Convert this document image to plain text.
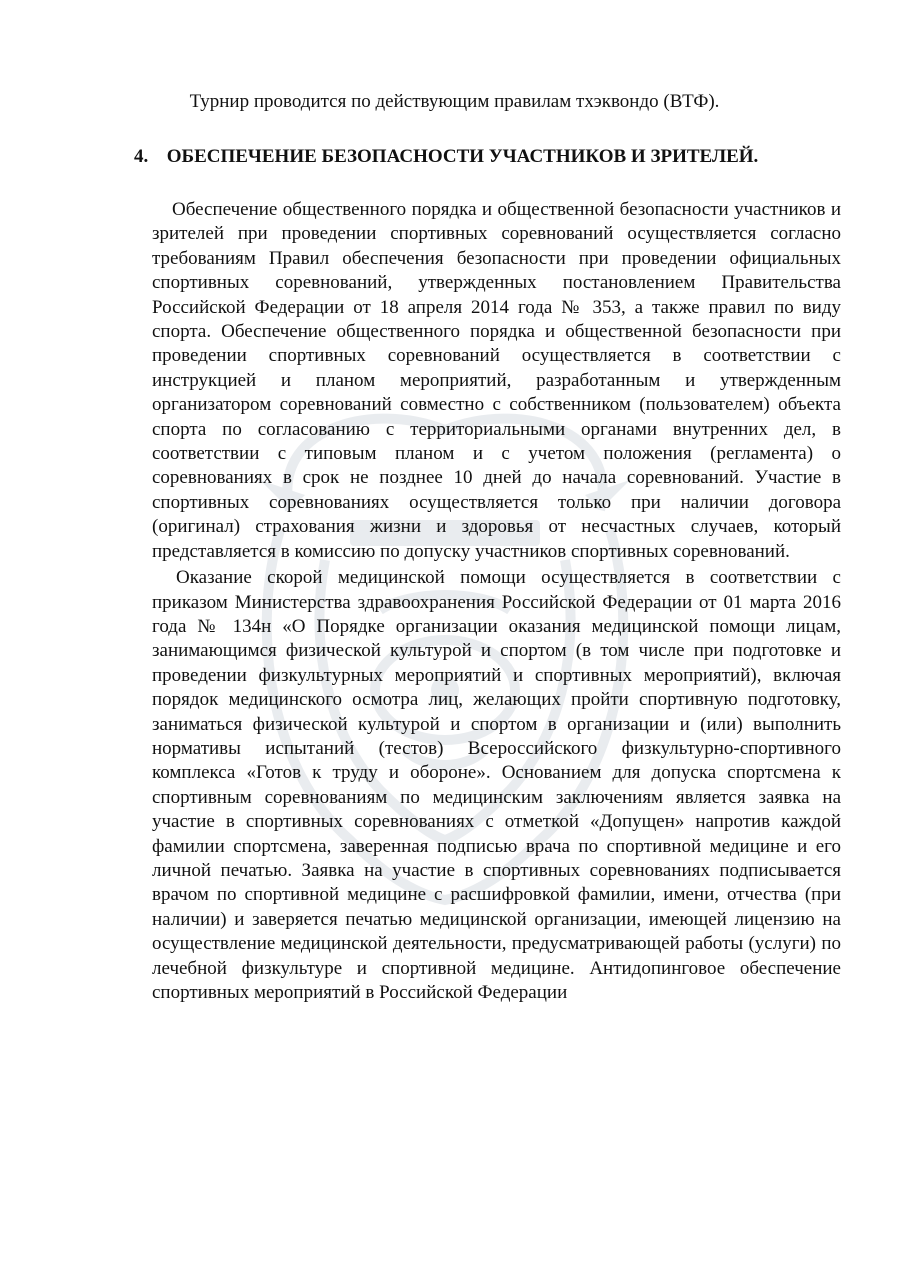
Турнир проводится по действующим правилам тхэквондо (ВТФ).

4. ОБЕСПЕЧЕНИЕ БЕЗОПАСНОСТИ УЧАСТНИКОВ И ЗРИТЕЛЕЙ.

Обеспечение общественного порядка и общественной безопасности участников и зрителей при проведении спортивных соревнований осуществляется согласно требованиям Правил обеспечения безопасности при проведении официальных спортивных соревнований, утвержденных постановлением Правительства Российской Федерации от 18 апреля 2014 года № 353, а также правил по виду спорта. Обеспечение общественного порядка и общественной безопасности при проведении спортивных соревнований осуществляется в соответствии с инструкцией и планом мероприятий, разработанным и утвержденным организатором соревнований совместно с собственником (пользователем) объекта спорта по согласованию с территориальными органами внутренних дел, в соответствии с типовым планом и с учетом положения (регламента) о соревнованиях в срок не позднее 10 дней до начала соревнований. Участие в спортивных соревнованиях осуществляется только при наличии договора (оригинал) страхования жизни и здоровья от несчастных случаев, который представляется в комиссию по допуску участников спортивных соревнований.

Оказание скорой медицинской помощи осуществляется в соответствии с приказом Министерства здравоохранения Российской Федерации от 01 марта 2016 года № 134н «О Порядке организации оказания медицинской помощи лицам, занимающимся физической культурой и спортом (в том числе при подготовке и проведении физкультурных мероприятий и спортивных мероприятий), включая порядок медицинского осмотра лиц, желающих пройти спортивную подготовку, заниматься физической культурой и спортом в организации и (или) выполнить нормативы испытаний (тестов) Всероссийского физкультурно-спортивного комплекса «Готов к труду и обороне». Основанием для допуска спортсмена к спортивным соревнованиям по медицинским заключениям является заявка на участие в спортивных соревнованиях с отметкой «Допущен» напротив каждой фамилии спортсмена, заверенная подписью врача по спортивной медицине и его личной печатью. Заявка на участие в спортивных соревнованиях подписывается врачом по спортивной медицине с расшифровкой фамилии, имени, отчества (при наличии) и заверяется печатью медицинской организации, имеющей лицензию на осуществление медицинской деятельности, предусматривающей работы (услуги) по лечебной физкультуре и спортивной медицине. Антидопинговое обеспечение спортивных мероприятий в Российской Федерации
